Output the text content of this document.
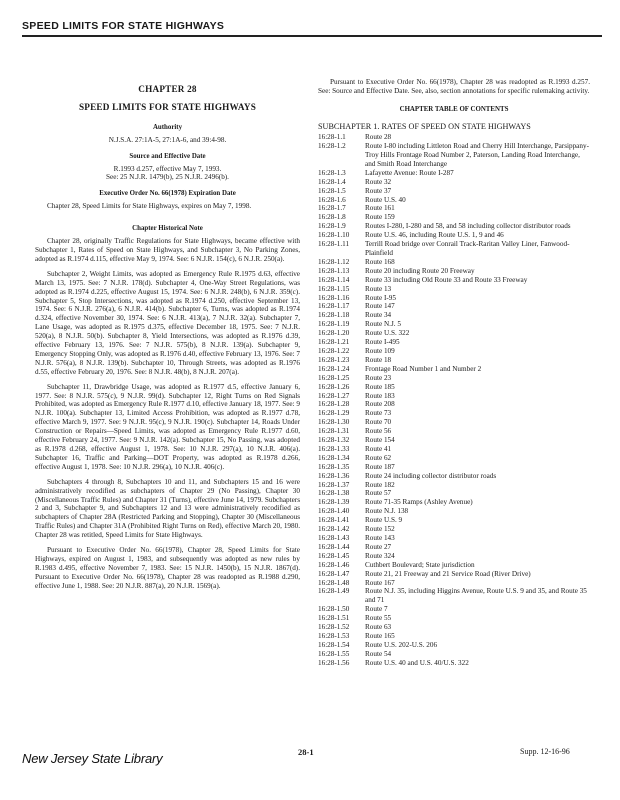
SPEED LIMITS FOR STATE HIGHWAYS
CHAPTER 28
SPEED LIMITS FOR STATE HIGHWAYS
Authority
N.J.S.A. 27:1A-5, 27:1A-6, and 39:4-98.
Source and Effective Date
R.1993 d.257, effective May 7, 1993.
See: 25 N.J.R. 1479(b), 25 N.J.R. 2496(b).
Executive Order No. 66(1978) Expiration Date

Chapter 28, Speed Limits for State Highways, expires on May 7, 1998.

Chapter Historical Note

Chapter 28, originally Traffic Regulations for State Highways, became effective with Subchapter 1, Rates of Speed on State Highways, and Subchapter 3, No Parking Zones, adopted as R.1974 d.115, effective May 9, 1974. See: 6 N.J.R. 154(c), 6 N.J.R. 250(a).

Subchapter 2, Weight Limits, was adopted as Emergency Rule R.1975 d.63, effective March 13, 1975. See: 7 N.J.R. 178(d). Subchapter 4, One-Way Street Regulations, was adopted as R.1974 d.225, effective August 15, 1974. See: 6 N.J.R. 248(b), 6 N.J.R. 359(c). Subchapter 5, Stop Intersections, was adopted as R.1974 d.250, effective September 13, 1974. See: 6 N.J.R. 276(a), 6 N.J.R. 414(b). Subchapter 6, Turns, was adopted as R.1974 d.324, effective November 30, 1974. See: 6 N.J.R. 413(a), 7 N.J.R. 32(a). Subchapter 7, Lane Usage, was adopted as R.1975 d.375, effective December 18, 1975. See: 7 N.J.R. 520(a), 8 N.J.R. 50(b). Subchapter 8, Yield Intersections, was adopted as R.1976 d.39, effective February 13, 1976. See: 7 N.J.R. 575(b), 8 N.J.R. 139(a). Subchapter 9, Emergency Stopping Only, was adopted as R.1976 d.40, effective February 13, 1976. See: 7 N.J.R. 576(a), 8 N.J.R. 139(b). Subchapter 10, Through Streets, was adopted as R.1976 d.55, effective February 20, 1976. See: 8 N.J.R. 48(b), 8 N.J.R. 207(a).

Subchapter 11, Drawbridge Usage, was adopted as R.1977 d.5, effective January 6, 1977. See: 8 N.J.R. 575(c), 9 N.J.R. 99(d). Subchapter 12, Right Turns on Red Signals Prohibited, was adopted as Emergency Rule R.1977 d.10, effective January 18, 1977. See: 9 N.J.R. 100(a). Subchapter 13, Limited Access Prohibition, was adopted as R.1977 d.78, effective March 9, 1977. See: 9 N.J.R. 95(c), 9 N.J.R. 190(c). Subchapter 14, Roads Under Construction or Repairs—Speed Limits, was adopted as Emergency Rule R.1977 d.60, effective February 24, 1977. See: 9 N.J.R. 142(a). Subchapter 15, No Passing, was adopted as R.1978 d.268, effective August 1, 1978. See: 10 N.J.R. 297(a), 10 N.J.R. 406(a). Subchapter 16, Traffic and Parking—DOT Property, was adopted as R.1978 d.266, effective August 1, 1978. See: 10 N.J.R. 296(a), 10 N.J.R. 406(c).

Subchapters 4 through 8, Subchapters 10 and 11, and Subchapters 15 and 16 were administratively recodified as subchapters of Chapter 29 (No Passing), Chapter 30 (Miscellaneous Traffic Rules) and Chapter 31 (Turns), effective June 14, 1979. Subchapters 2 and 3, Subchapter 9, and Subchapters 12 and 13 were administratively recodified as subchapters of Chapter 28A (Restricted Parking and Stopping), Chapter 30 (Miscellaneous Traffic Rules) and Chapter 31A (Prohibited Right Turns on Red), effective March 20, 1980. Chapter 28 was retitled, Speed Limits for State Highways.

Pursuant to Executive Order No. 66(1978), Chapter 28, Speed Limits for State Highways, expired on August 1, 1983, and subsequently was adopted as new rules by R.1983 d.495, effective November 7, 1983. See: 15 N.J.R. 1450(b), 15 N.J.R. 1867(d). Pursuant to Executive Order No. 66(1978), Chapter 28 was readopted as R.1988 d.290, effective June 1, 1988. See: 20 N.J.R. 887(a), 20 N.J.R. 1569(a).

Pursuant to Executive Order No. 66(1978), Chapter 28 was readopted as R.1993 d.257. See: Source and Effective Date. See, also, section annotations for specific rulemaking activity.

CHAPTER TABLE OF CONTENTS
SUBCHAPTER 1. RATES OF SPEED ON STATE HIGHWAYS
16:28-1.1	Route 28
16:28-1.2	Route I-80 including Littleton Road and Cherry Hill Interchange, Parsippany-Troy Hills Frontage Road Number 2, Paterson, Landing Road Interchange, and Smith Road Interchange
16:28-1.3	Lafayette Avenue: Route I-287
16:28-1.4	Route 32
16:28-1.5	Route 37
16:28-1.6	Route U.S. 40
16:28-1.7	Route 161
16:28-1.8	Route 159
16:28-1.9	Routes I-280, I-280 and 58, and 58 including collector distributor roads
16:28-1.10	Route U.S. 46, including Route U.S. 1, 9 and 46
16:28-1.11	Terrill Road bridge over Conrail Track-Raritan Valley Liner, Fanwood-Plainfield
16:28-1.12	Route 168
16:28-1.13	Route 20 including Route 20 Freeway
16:28-1.14	Route 33 including Old Route 33 and Route 33 Freeway
16:28-1.15	Route 13
16:28-1.16	Route I-95
16:28-1.17	Route 147
16:28-1.18	Route 34
16:28-1.19	Route N.J. 5
16:28-1.20	Route U.S. 322
16:28-1.21	Route I-495
16:28-1.22	Route 109
16:28-1.23	Route 18
16:28-1.24	Frontage Road Number 1 and Number 2
16:28-1.25	Route 23
16:28-1.26	Route 185
16:28-1.27	Route 183
16:28-1.28	Route 208
16:28-1.29	Route 73
16:28-1.30	Route 70
16:28-1.31	Route 56
16:28-1.32	Route 154
16:28-1.33	Route 41
16:28-1.34	Route 62
16:28-1.35	Route 187
16:28-1.36	Route 24 including collector distributor roads
16:28-1.37	Route 182
16:28-1.38	Route 57
16:28-1.39	Route 71-35 Ramps (Ashley Avenue)
16:28-1.40	Route N.J. 138
16:28-1.41	Route U.S. 9
16:28-1.42	Route 152
16:28-1.43	Route 143
16:28-1.44	Route 27
16:28-1.45	Route 324
16:28-1.46	Cuthbert Boulevard; State jurisdiction
16:28-1.47	Route 21, 21 Freeway and 21 Service Road (River Drive)
16:28-1.48	Route 167
16:28-1.49	Route N.J. 35, including Higgins Avenue, Route U.S. 9 and 35, and Route 35 and 71
16:28-1.50	Route 7
16:28-1.51	Route 55
16:28-1.52	Route 63
16:28-1.53	Route 165
16:28-1.54	Route U.S. 202-U.S. 206
16:28-1.55	Route 54
16:28-1.56	Route U.S. 40 and U.S. 40/U.S. 322
28-1	Supp. 12-16-96
New Jersey State Library
